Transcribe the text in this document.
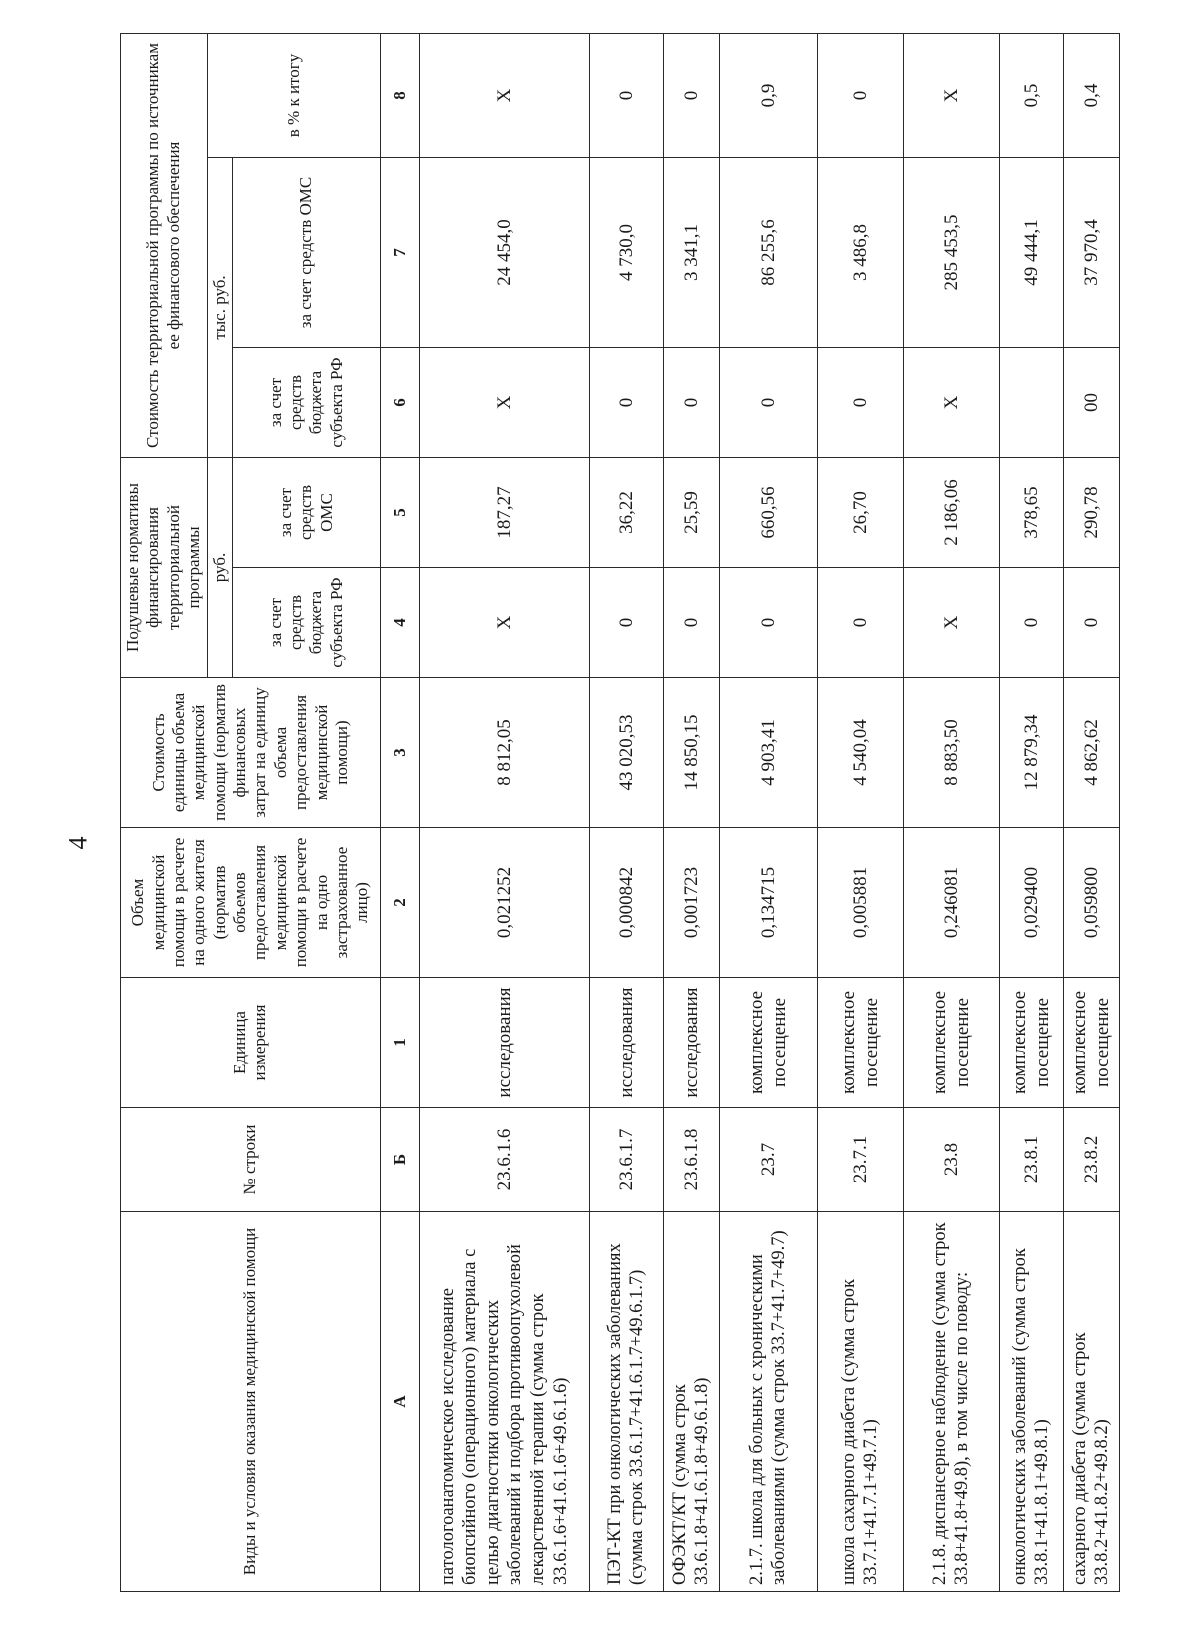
4
Виды и условия оказания медицинской помощи	№ строки	Единица измерения	Объем медицинской помощи в расчете на одного жителя (норматив объемов предоставления медицинской помощи в расчете на одно застрахованное лицо)	Стоимость единицы объема медицинской помощи (норматив финансовых затрат на единицу объема предоставления медицинской помощи)	Подушевые нормативы финансирования территориальной программы		Стоимость территориальной программы по источникам ее финансового обеспечения		
					руб.		тыс. руб.		в % к итогу
					за счет средств бюджета субъекта РФ	за счет средств ОМС	за счет средств бюджета субъекта РФ	за счет средств ОМС	
А	Б	1	2	3	4	5	6	7	8
патологоанатомическое исследование биопсийного (операционного) материала с целью диагностики онкологических заболеваний и подбора противоопухолевой лекарственной терапии (сумма строк 33.6.1.6+41.6.1.6+49.6.1.6)	23.6.1.6	исследования	0,021252	8 812,05	Х	187,27	Х	24 454,0	Х
ПЭТ-КТ при онкологических заболеваниях (сумма строк 33.6.1.7+41.6.1.7+49.6.1.7)	23.6.1.7	исследования	0,000842	43 020,53	0	36,22	0	4 730,0	0
ОФЭКТ/КТ (сумма строк 33.6.1.8+41.6.1.8+49.6.1.8)	23.6.1.8	исследования	0,001723	14 850,15	0	25,59	0	3 341,1	0
2.1.7. школа для больных с хроническими заболеваниями (сумма строк 33.7+41.7+49.7)	23.7	комплексное посещение	0,134715	4 903,41	0	660,56	0	86 255,6	0,9
школа сахарного диабета (сумма строк 33.7.1+41.7.1+49.7.1)	23.7.1	комплексное посещение	0,005881	4 540,04	0	26,70	0	3 486,8	0
2.1.8. диспансерное наблюдение (сумма строк 33.8+41.8+49.8), в том числе по поводу:	23.8	комплексное посещение	0,246081	8 883,50	Х	2 186,06	Х	285 453,5	Х
онкологических заболеваний (сумма строк 33.8.1+41.8.1+49.8.1)	23.8.1	комплексное посещение	0,029400	12 879,34	0	378,65		49 444,1	0,5
сахарного диабета (сумма строк 33.8.2+41.8.2+49.8.2)	23.8.2	комплексное посещение	0,059800	4 862,62	0	290,78	00	37 970,4	0,4
